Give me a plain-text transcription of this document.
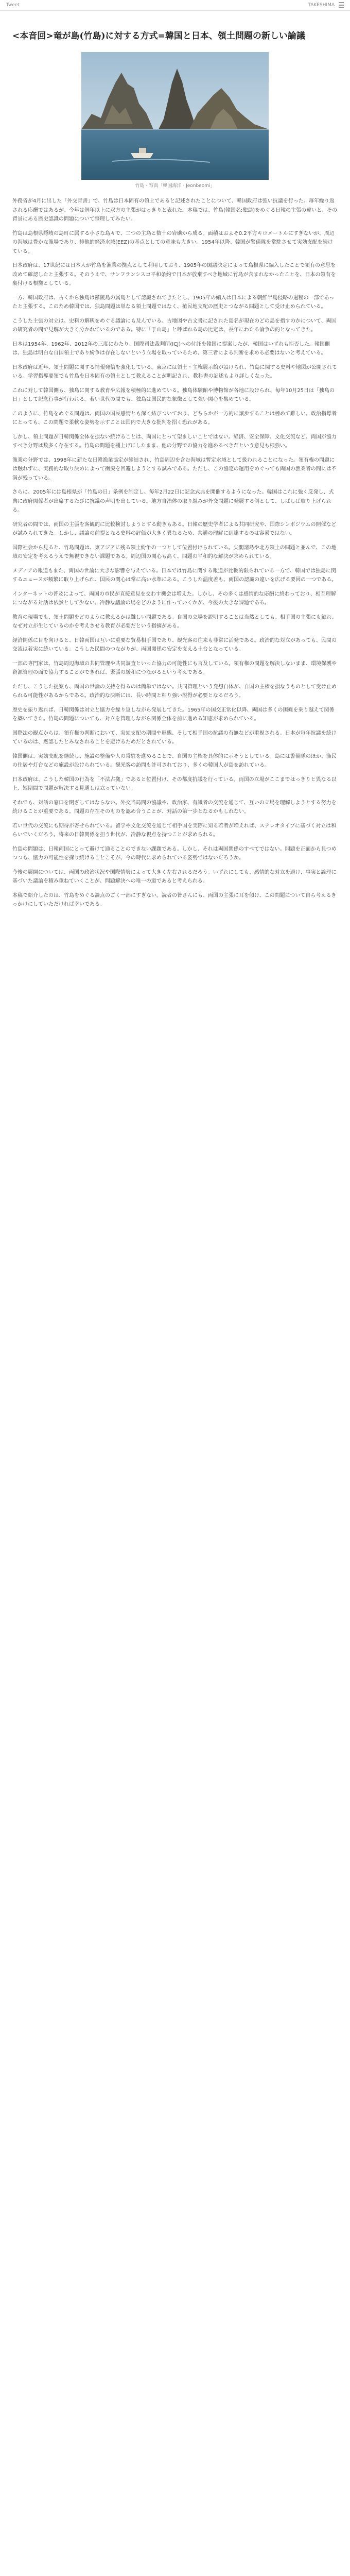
Tweet	TAKESHIMA
<本音回>竜が島(竹島)に対する方式=韓国と日本、領土問題の新しい論議
竹島・写真「韓国海洋 · Jeonbeomi」

外務省が4月に出した「外交青書」で、竹島は日本固有の領土であると記述されたことについて、韓国政府は強い抗議を行った。毎年繰り返される応酬ではあるが、今年は例年以上に双方の主張がはっきりと表れた。本稿では、竹島(韓国名:独島)をめぐる日韓の主張の違いと、その背景にある歴史認識の問題について整理してみたい。

竹島は島根県隠岐の島町に属する小さな島々で、二つの主島と数十の岩礁から成る。面積はおよそ0.2平方キロメートルにすぎないが、周辺の海域は豊かな漁場であり、排他的経済水域(EEZ)の基点としての意味も大きい。1954年以降、韓国が警備隊を常駐させて実効支配を続けている。

日本政府は、17世紀には日本人が竹島を漁業の拠点として利用しており、1905年の閣議決定によって島根県に編入したことで領有の意思を改めて確認したと主張する。そのうえで、サンフランシスコ平和条約で日本が放棄すべき地域に竹島が含まれなかったことを、日本の領有を裏付ける根拠としている。

一方、韓国政府は、古くから独島は鬱陵島の属島として認識されてきたとし、1905年の編入は日本による朝鮮半島侵略の過程の一部であったと主張する。このため韓国では、独島問題は単なる領土問題ではなく、植民地支配の歴史とつながる問題として受け止められている。

こうした主張の対立は、史料の解釈をめぐる議論にも及んでいる。古地図や古文書に記された島名が現在のどの島を指すのかについて、両国の研究者の間で見解が大きく分かれているのである。特に「于山島」と呼ばれる島の比定は、長年にわたる論争の的となってきた。

日本は1954年、1962年、2012年の三度にわたり、国際司法裁判所(ICJ)への付託を韓国に提案したが、韓国はいずれも拒否した。韓国側は、独島は明白な自国領土であり紛争は存在しないという立場を取っているため、第三者による判断を求める必要はないと考えている。

日本政府は近年、領土問題に関する情報発信を強化している。東京には領土・主権展示館が設けられ、竹島に関する史料や地図が公開されている。学習指導要領でも竹島を日本固有の領土として教えることが明記され、教科書の記述もより詳しくなった。

これに対して韓国側も、独島に関する教育や広報を積極的に進めている。独島体験館や博物館が各地に設けられ、毎年10月25日は「独島の日」として記念行事が行われる。若い世代の間でも、独島は国民的な象徴として強い関心を集めている。

このように、竹島をめぐる問題は、両国の国民感情とも深く結びついており、どちらかが一方的に譲歩することは極めて難しい。政治指導者にとっても、この問題で柔軟な姿勢を示すことは国内で大きな批判を招く恐れがある。

しかし、領土問題が日韓関係全体を損ない続けることは、両国にとって望ましいことではない。経済、安全保障、文化交流など、両国が協力すべき分野は数多く存在する。竹島の問題を棚上げにしたまま、他の分野での協力を進めるべきだという意見も根強い。

漁業の分野では、1998年に新たな日韓漁業協定が締結され、竹島周辺を含む海域は暫定水域として扱われることになった。領有権の問題には触れずに、実務的な取り決めによって衝突を回避しようとする試みである。ただし、この協定の運用をめぐっても両国の漁業者の間には不満が残っている。

さらに、2005年には島根県が「竹島の日」条例を制定し、毎年2月22日に記念式典を開催するようになった。韓国はこれに強く反発し、式典に政府関係者が出席するたびに抗議の声明を出している。地方自治体の取り組みが外交問題に発展する例として、しばしば取り上げられる。

研究者の間では、両国の主張を客観的に比較検討しようとする動きもある。日韓の歴史学者による共同研究や、国際シンポジウムの開催などが試みられてきた。しかし、議論の前提となる史料の評価が大きく異なるため、共通の理解に到達するのは容易ではない。

国際社会から見ると、竹島問題は、東アジアに残る領土紛争の一つとして位置付けられている。尖閣諸島や北方領土の問題と並んで、この地域の安定を考えるうえで無視できない課題である。周辺国の関心も高く、問題の平和的な解決が求められている。

メディアの報道もまた、両国の世論に大きな影響を与えている。日本では竹島に関する報道が比較的限られている一方で、韓国では独島に関するニュースが頻繁に取り上げられ、国民の関心は常に高い水準にある。こうした温度差も、両国の認識の違いを広げる要因の一つである。

インターネットの普及によって、両国の市民が直接意見を交わす機会は増えた。しかし、その多くは感情的な応酬に終わっており、相互理解につながる対話は依然として少ない。冷静な議論の場をどのように作っていくかが、今後の大きな課題である。

教育の現場でも、領土問題をどのように教えるかは難しい問題である。自国の立場を説明することは当然としても、相手国の主張にも触れ、なぜ対立が生じているのかを考えさせる教育が必要だという指摘がある。

経済関係に目を向けると、日韓両国は互いに重要な貿易相手国であり、観光客の往来も非常に活発である。政治的な対立があっても、民間の交流は着実に続いている。こうした民間のつながりが、両国関係の安定を支える土台となっている。

一部の専門家は、竹島周辺海域の共同管理や共同調査といった協力の可能性にも言及している。領有権の問題を解決しないまま、環境保護や資源管理の面で協力することができれば、緊張の緩和につながるという考えである。

ただし、こうした提案も、両国の世論の支持を得るのは簡単ではない。共同管理という発想自体が、自国の主権を損なうものとして受け止められる可能性があるからである。政治的な決断には、長い時間と粘り強い説得が必要となるだろう。

歴史を振り返れば、日韓関係は対立と協力を繰り返しながら発展してきた。1965年の国交正常化以降、両国は多くの困難を乗り越えて関係を築いてきた。竹島の問題についても、対立を管理しながら関係全体を前に進める知恵が求められている。

国際法の観点からは、領有権の判断において、実効支配の期間や形態、そして相手国の抗議の有無などが重視される。日本が毎年抗議を続けているのは、黙認したとみなされることを避けるためだとされている。

韓国側は、実効支配を継続し、施設の整備や人の常駐を進めることで、自国の主権を具体的に示そうとしている。島には警備隊のほか、漁民の住居や灯台などの施設が設けられている。観光客の訪問も許可されており、多くの韓国人が島を訪れている。

日本政府は、こうした韓国の行為を「不法占拠」であると位置付け、その都度抗議を行っている。両国の立場がここまではっきりと異なる以上、短期間で問題が解決する見通しは立っていない。

それでも、対話の窓口を閉ざしてはならない。外交当局間の協議や、政治家、有識者の交流を通じて、互いの立場を理解しようとする努力を続けることが重要である。問題の存在そのものを認め合うことが、対話の第一歩となるかもしれない。

若い世代の交流にも期待が寄せられている。留学や文化交流を通じて相手国を実際に知る若者が増えれば、ステレオタイプに基づく対立は和らいでいくだろう。将来の日韓関係を担う世代が、冷静な視点を持つことが求められる。

竹島の問題は、日韓両国にとって避けて通ることのできない課題である。しかし、それは両国関係のすべてではない。問題を正面から見つめつつも、協力の可能性を探り続けることこそが、今の時代に求められている姿勢ではないだろうか。

今後の展開については、両国の政治状況や国際情勢によって大きく左右されるだろう。いずれにしても、感情的な対立を避け、事実と論理に基づいた議論を積み重ねていくことが、問題解決への唯一の道であると考えられる。

本稿で紹介したのは、竹島をめぐる論点のごく一部にすぎない。読者の皆さんにも、両国の主張に耳を傾け、この問題について自ら考えるきっかけにしていただければ幸いである。
